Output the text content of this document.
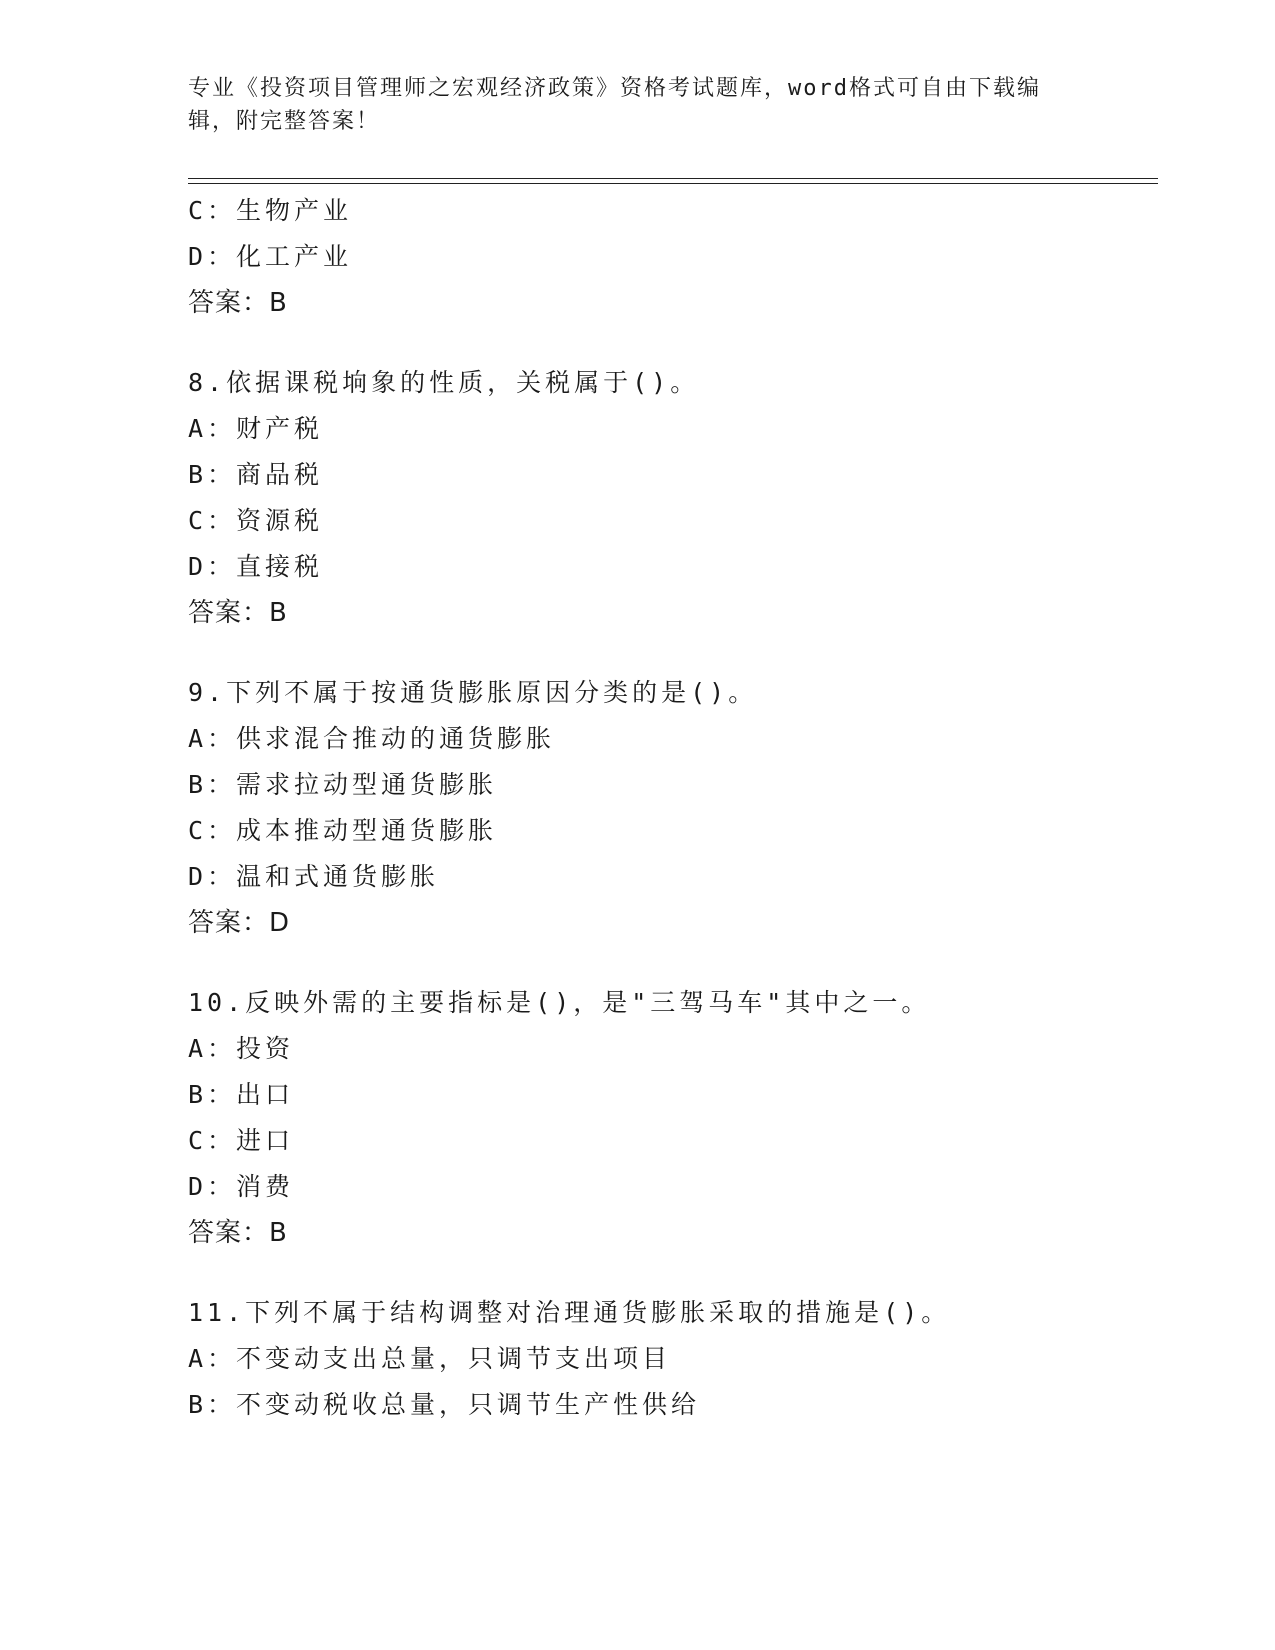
专业《投资项目管理师之宏观经济政策》资格考试题库，word格式可自由下载编
辑，附完整答案！
C：生物产业
D：化工产业
答案：B
8.依据课税垧象的性质，关税属于()。
A：财产税
B：商品税
C：资源税
D：直接税
答案：B
9.下列不属于按通货膨胀原因分类的是()。
A：供求混合推动的通货膨胀
B：需求拉动型通货膨胀
C：成本推动型通货膨胀
D：温和式通货膨胀
答案：D
10.反映外需的主要指标是()，是"三驾马车"其中之一。
A：投资
B：出口
C：进口
D：消费
答案：B
11.下列不属于结构调整对治理通货膨胀采取的措施是()。
A：不变动支出总量，只调节支出项目
B：不变动税收总量，只调节生产性供给
